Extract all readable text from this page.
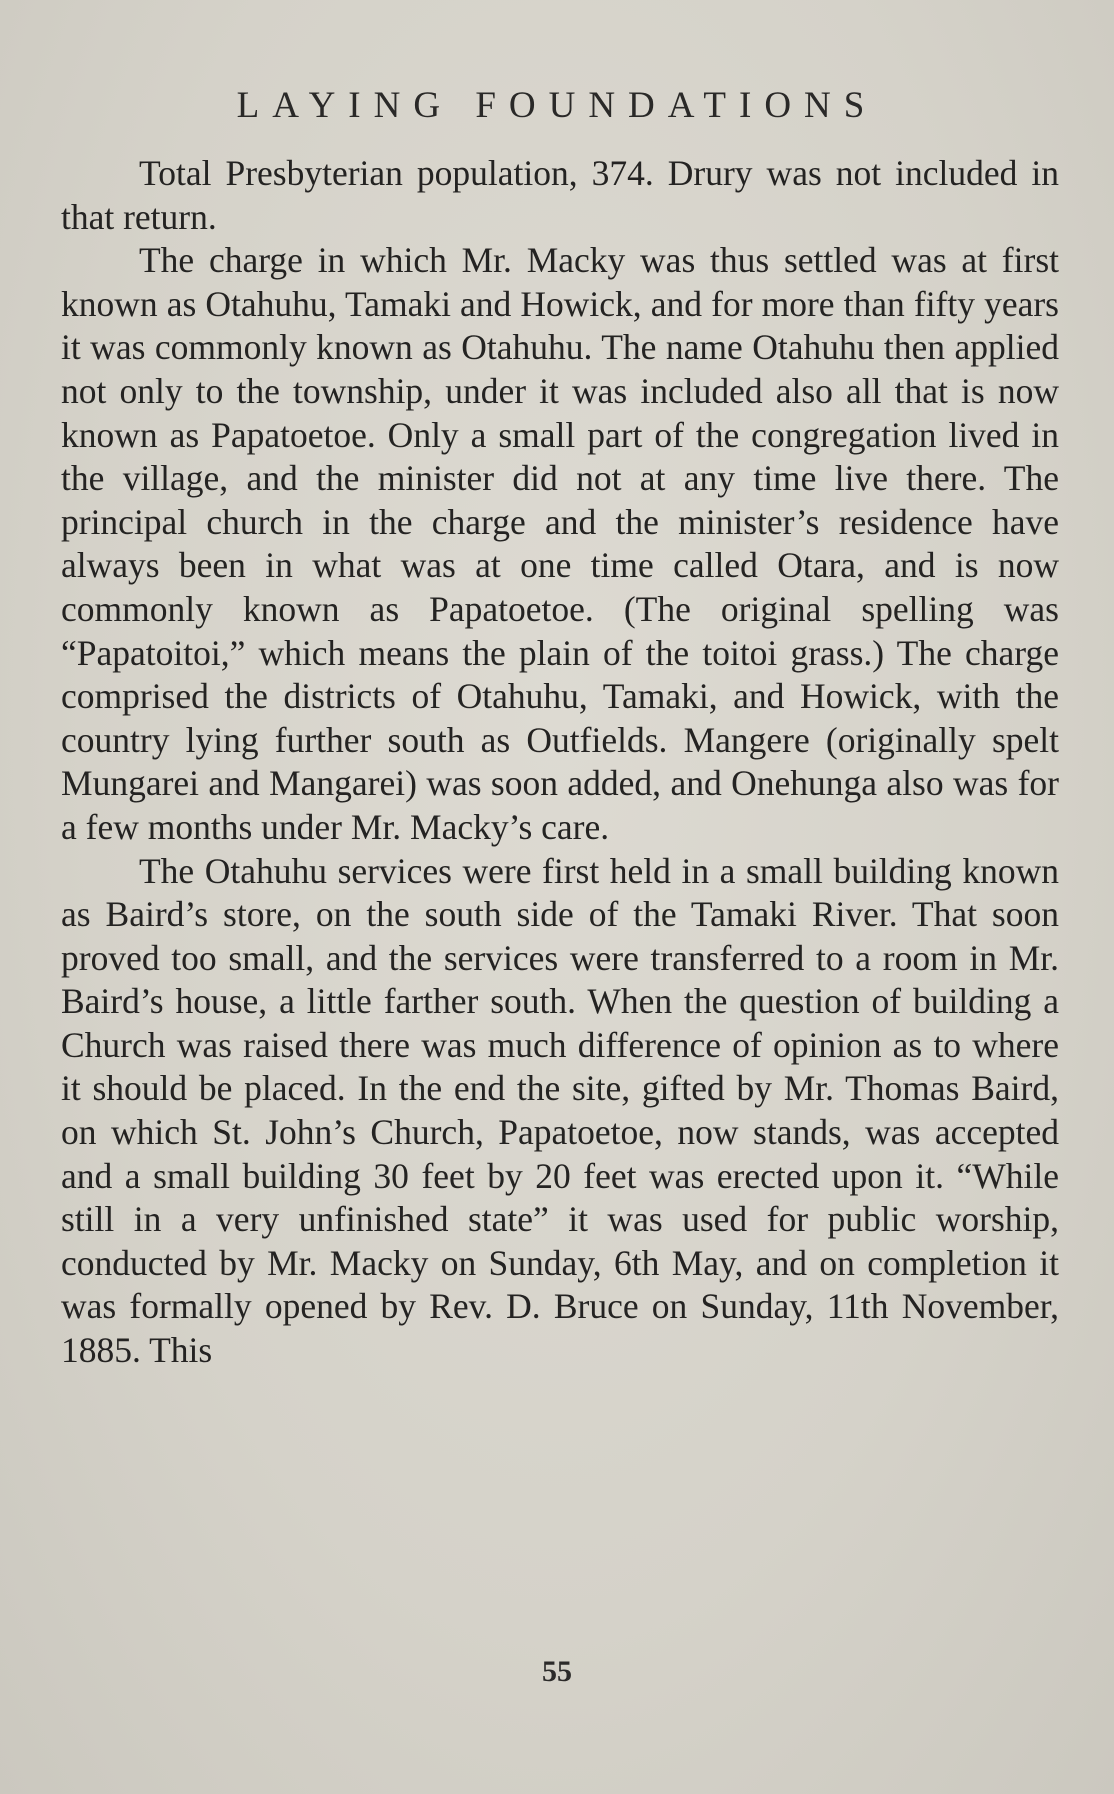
LAYING FOUNDATIONS

Total Presbyterian population, 374. Drury was not included in that return.

The charge in which Mr. Macky was thus settled was at first known as Otahuhu, Tamaki and Howick, and for more than fifty years it was commonly known as Otahuhu. The name Otahuhu then applied not only to the township, under it was included also all that is now known as Papatoetoe. Only a small part of the congregation lived in the village, and the minister did not at any time live there. The principal church in the charge and the minister’s residence have always been in what was at one time called Otara, and is now commonly known as Papatoetoe. (The original spelling was “Papatoitoi,” which means the plain of the toitoi grass.) The charge comprised the districts of Otahuhu, Tamaki, and Howick, with the country lying further south as Outfields. Mangere (originally spelt Mungarei and Mangarei) was soon added, and Onehunga also was for a few months under Mr. Macky’s care.

The Otahuhu services were first held in a small building known as Baird’s store, on the south side of the Tamaki River. That soon proved too small, and the services were transferred to a room in Mr. Baird’s house, a little farther south. When the question of building a Church was raised there was much difference of opinion as to where it should be placed. In the end the site, gifted by Mr. Thomas Baird, on which St. John’s Church, Papatoetoe, now stands, was accepted and a small building 30 feet by 20 feet was erected upon it. “While still in a very unfinished state” it was used for public worship, conducted by Mr. Macky on Sunday, 6th May, and on completion it was formally opened by Rev. D. Bruce on Sunday, 11th November, 1885. This

55
